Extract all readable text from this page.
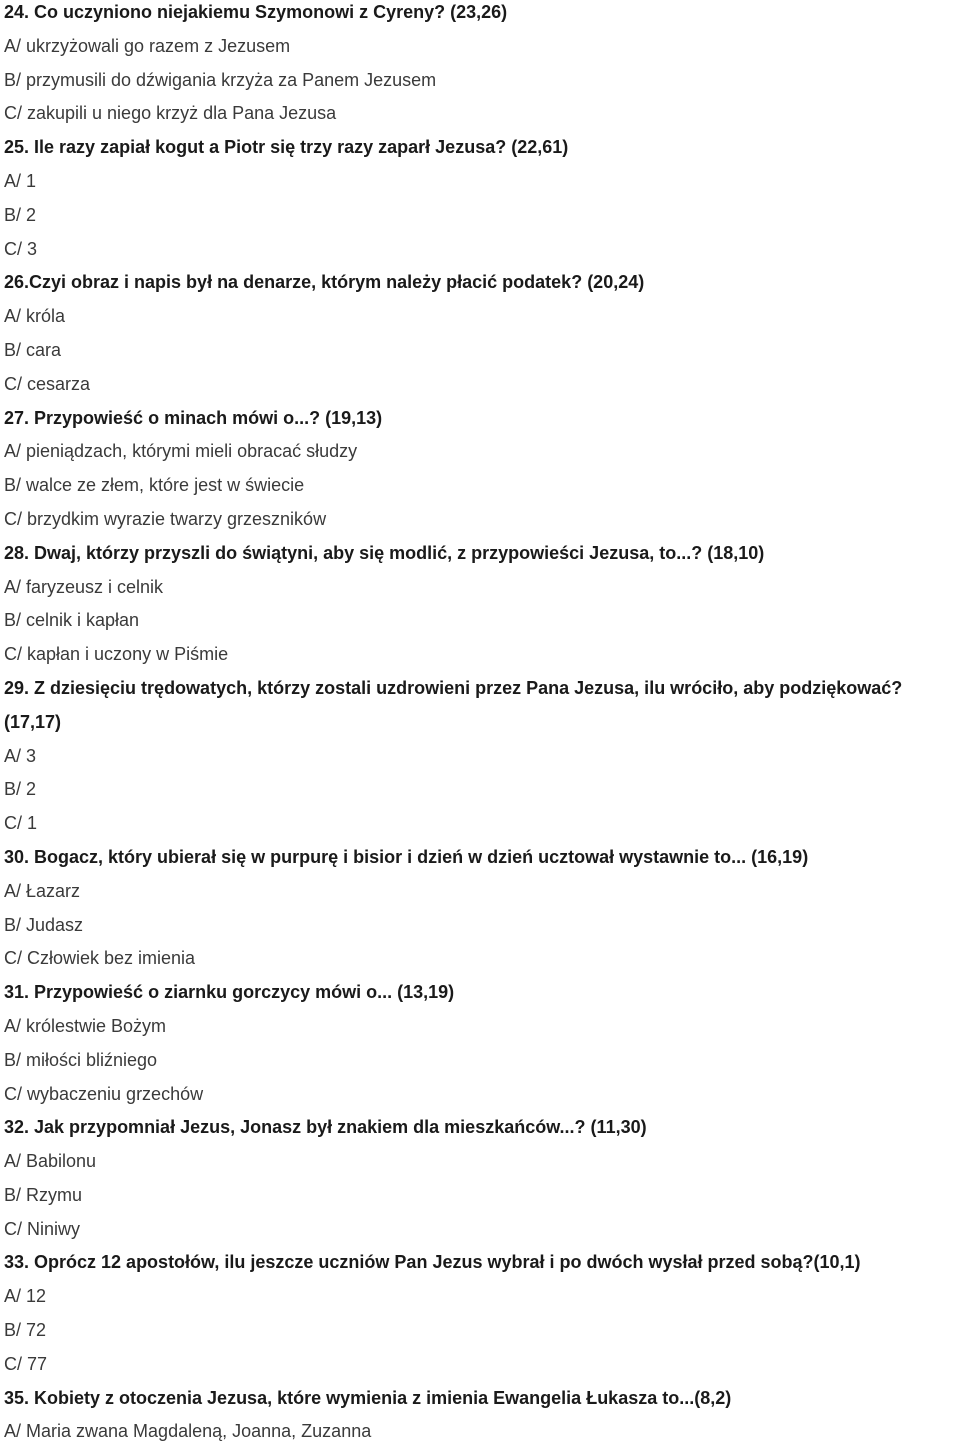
24. Co uczyniono niejakiemu Szymonowi z Cyreny? (23,26)
A/ ukrzyżowali go razem z Jezusem
B/ przymusili do dźwigania krzyża za Panem Jezusem
C/ zakupili u niego krzyż dla Pana Jezusa
25. Ile razy zapiał kogut a Piotr się trzy razy zaparł Jezusa? (22,61)
A/ 1
B/ 2
C/ 3
26.Czyi obraz i napis był na denarze, którym należy płacić podatek? (20,24)
A/ króla
B/ cara
C/ cesarza
27. Przypowieść o minach mówi o...? (19,13)
A/ pieniądzach, którymi mieli obracać słudzy
B/ walce ze złem, które jest w świecie
C/ brzydkim wyrazie twarzy grzeszników
28. Dwaj, którzy przyszli do świątyni, aby się modlić, z przypowieści Jezusa, to...? (18,10)
A/ faryzeusz i celnik
B/ celnik i kapłan
C/ kapłan i uczony w Piśmie
29. Z dziesięciu trędowatych, którzy zostali uzdrowieni przez Pana Jezusa, ilu wróciło, aby podziękować?
(17,17)
A/ 3
B/ 2
C/ 1
30. Bogacz, który ubierał się w purpurę i bisior i dzień w dzień ucztował wystawnie to... (16,19)
A/ Łazarz
B/ Judasz
C/ Człowiek bez imienia
31. Przypowieść o ziarnku gorczycy mówi o... (13,19)
A/ królestwie Bożym
B/ miłości bliźniego
C/ wybaczeniu grzechów
32. Jak przypomniał Jezus, Jonasz był znakiem dla mieszkańców...? (11,30)
A/ Babilonu
B/ Rzymu
C/ Niniwy
33. Oprócz 12 apostołów, ilu jeszcze uczniów Pan Jezus wybrał i po dwóch wysłał przed sobą?(10,1)
A/ 12
B/ 72
C/ 77
35. Kobiety z otoczenia Jezusa, które wymienia z imienia Ewangelia Łukasza to...(8,2)
A/ Maria zwana Magdaleną, Joanna, Zuzanna
